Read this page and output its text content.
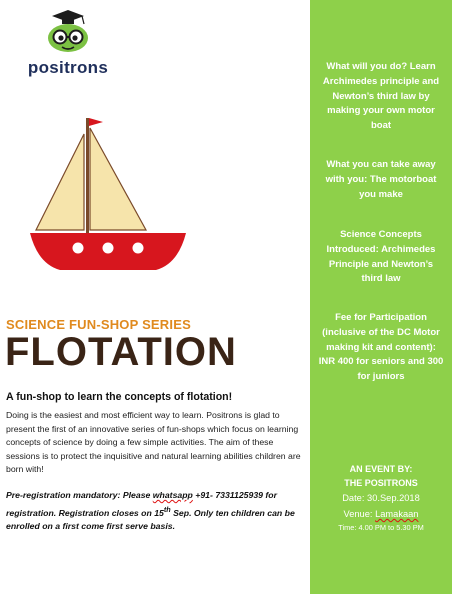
positrons
SCIENCE FUN-SHOP SERIES
FLOTATION
A fun-shop to learn the concepts of flotation!
Doing is the easiest and most efficient way to learn. Positrons is glad to present the first of an innovative series of fun-shops which focus on learning concepts of science by doing a few simple activities. The aim of these sessions is to protect the inquisitive and natural learning abilities children are born with!
Pre-registration mandatory: Please whatsapp +91- 7331125939 for registration. Registration closes on 15th Sep. Only ten children can be enrolled on a first come first serve basis.
What will you do? Learn Archimedes principle and Newton’s third law by making your own motor boat
What you can take away with you: The motorboat you make
Science Concepts Introduced: Archimedes Principle and Newton’s third law
Fee for Participation (inclusive of the DC Motor making kit and content): INR 400 for seniors and 300 for juniors
AN EVENT BY:
THE POSITRONS
Date: 30.Sep.2018
Venue: Lamakaan
Time: 4.00 PM to 5.30 PM
